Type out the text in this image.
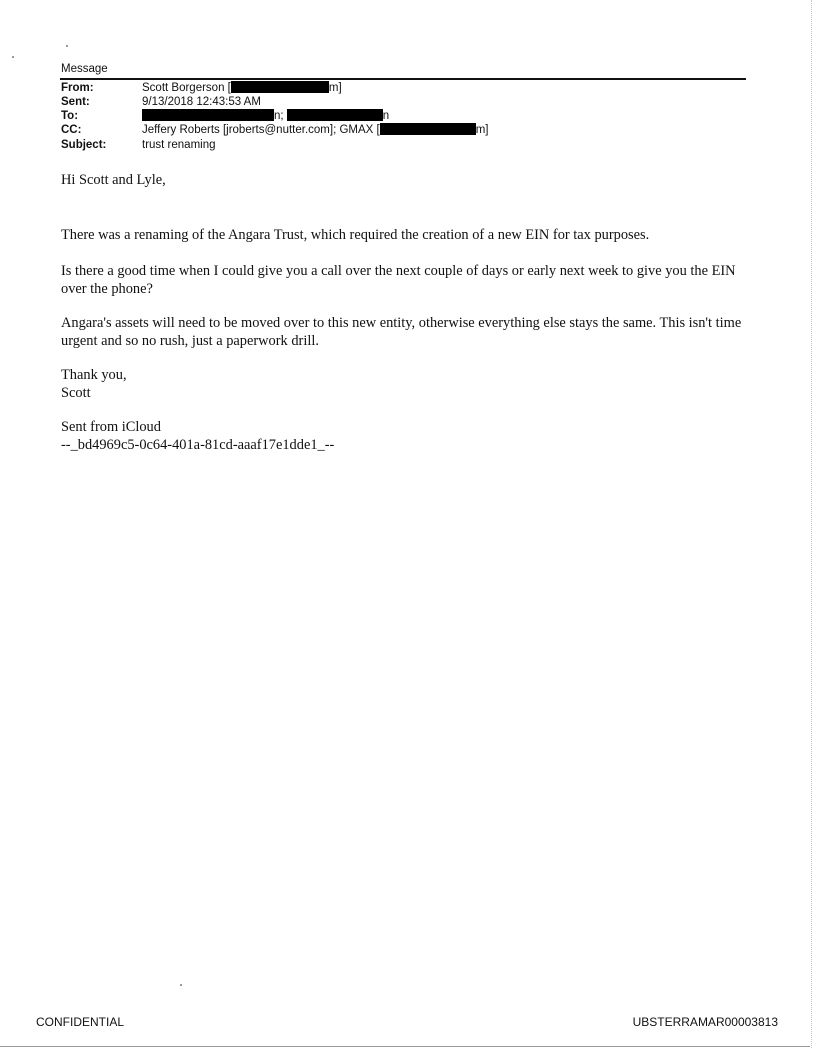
Message
From:	Scott Borgerson [	m]
Sent:	9/13/2018 12:43:53 AM
To:	n;	n
CC:	Jeffery Roberts [jroberts@nutter.com]; GMAX [	m]
Subject:	trust renaming

Hi Scott and Lyle,

There was a renaming of the Angara Trust, which required the creation of a new EIN for tax purposes.

Is there a good time when I could give you a call over the next couple of days or early next week to give you the EIN over the phone?

Angara's assets will need to be moved over to this new entity, otherwise everything else stays the same. This isn't time urgent and so no rush, just a paperwork drill.

Thank you,

Scott

Sent from iCloud

--_bd4969c5-0c64-401a-81cd-aaaf17e1dde1_--

CONFIDENTIAL	UBSTERRAMAR00003813
